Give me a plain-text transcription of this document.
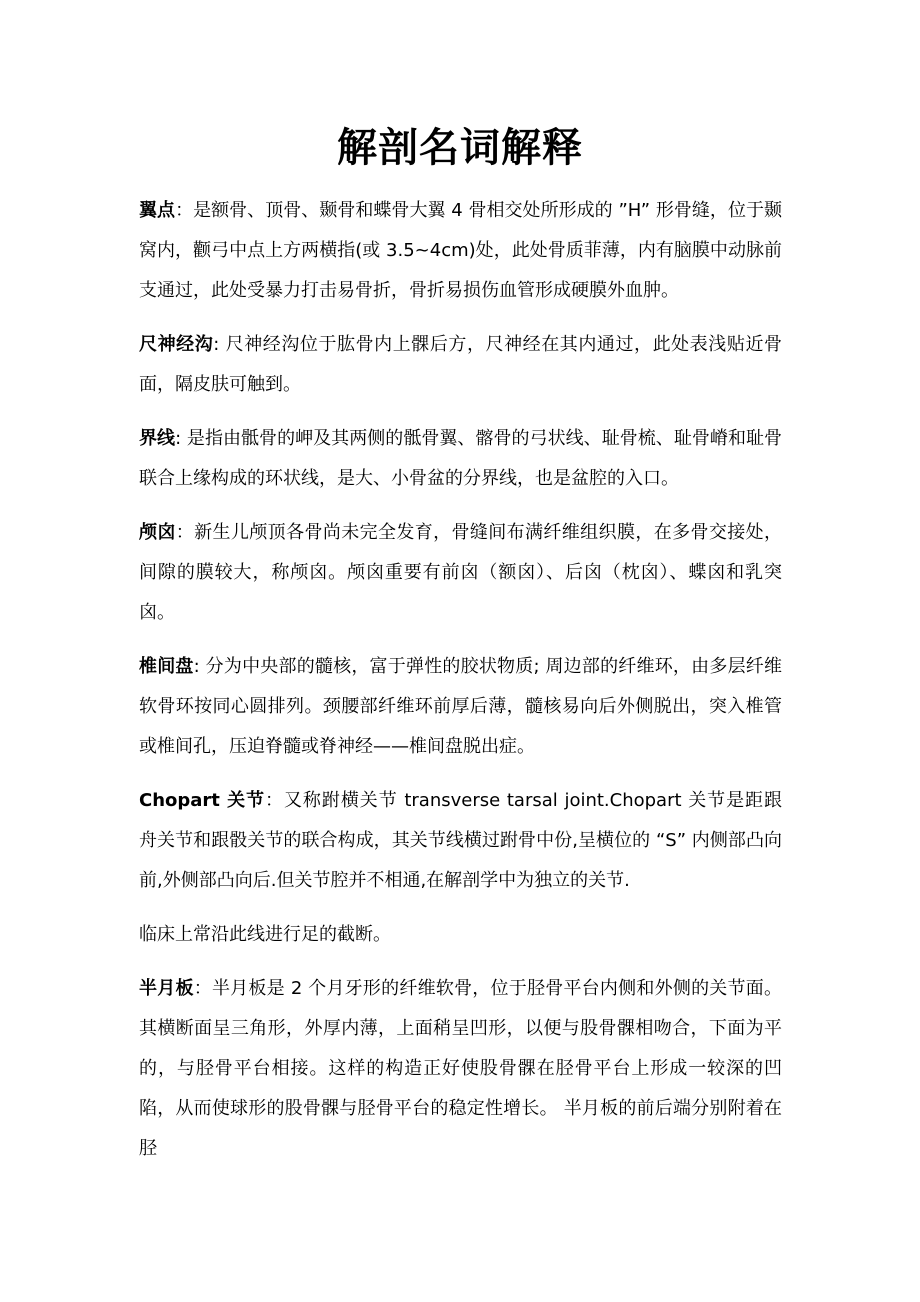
解剖名词解释

翼点：是额骨、顶骨、颞骨和蝶骨大翼 4 骨相交处所形成的 ”H” 形骨缝，位于颞窝内，颧弓中点上方两横指(或 3.5~4cm)处，此处骨质菲薄，内有脑膜中动脉前支通过，此处受暴力打击易骨折，骨折易损伤血管形成硬膜外血肿。

尺神经沟: 尺神经沟位于肱骨内上髁后方，尺神经在其内通过，此处表浅贴近骨面，隔皮肤可触到。

界线: 是指由骶骨的岬及其两侧的骶骨翼、髂骨的弓状线、耻骨梳、耻骨嵴和耻骨联合上缘构成的环状线，是大、小骨盆的分界线，也是盆腔的入口。

颅囟：新生儿颅顶各骨尚未完全发育，骨缝间布满纤维组织膜，在多骨交接处，间隙的膜较大，称颅囟。颅囟重要有前囟（额囟）、后囟（枕囟）、蝶囟和乳突囟。

椎间盘: 分为中央部的髓核，富于弹性的胶状物质; 周边部的纤维环，由多层纤维软骨环按同心圆排列。颈腰部纤维环前厚后薄，髓核易向后外侧脱出，突入椎管或椎间孔，压迫脊髓或脊神经——椎间盘脱出症。

Chopart 关节：又称跗横关节 transverse tarsal joint.Chopart 关节是距跟舟关节和跟骰关节的联合构成，其关节线横过跗骨中份,呈横位的 “S” 内侧部凸向前,外侧部凸向后.但关节腔并不相通,在解剖学中为独立的关节.

临床上常沿此线进行足的截断。

半月板：半月板是 2 个月牙形的纤维软骨，位于胫骨平台内侧和外侧的关节面。其横断面呈三角形，外厚内薄，上面稍呈凹形，以便与股骨髁相吻合，下面为平的，与胫骨平台相接。这样的构造正好使股骨髁在胫骨平台上形成一较深的凹陷，从而使球形的股骨髁与胫骨平台的稳定性增长。 半月板的前后端分别附着在胫
